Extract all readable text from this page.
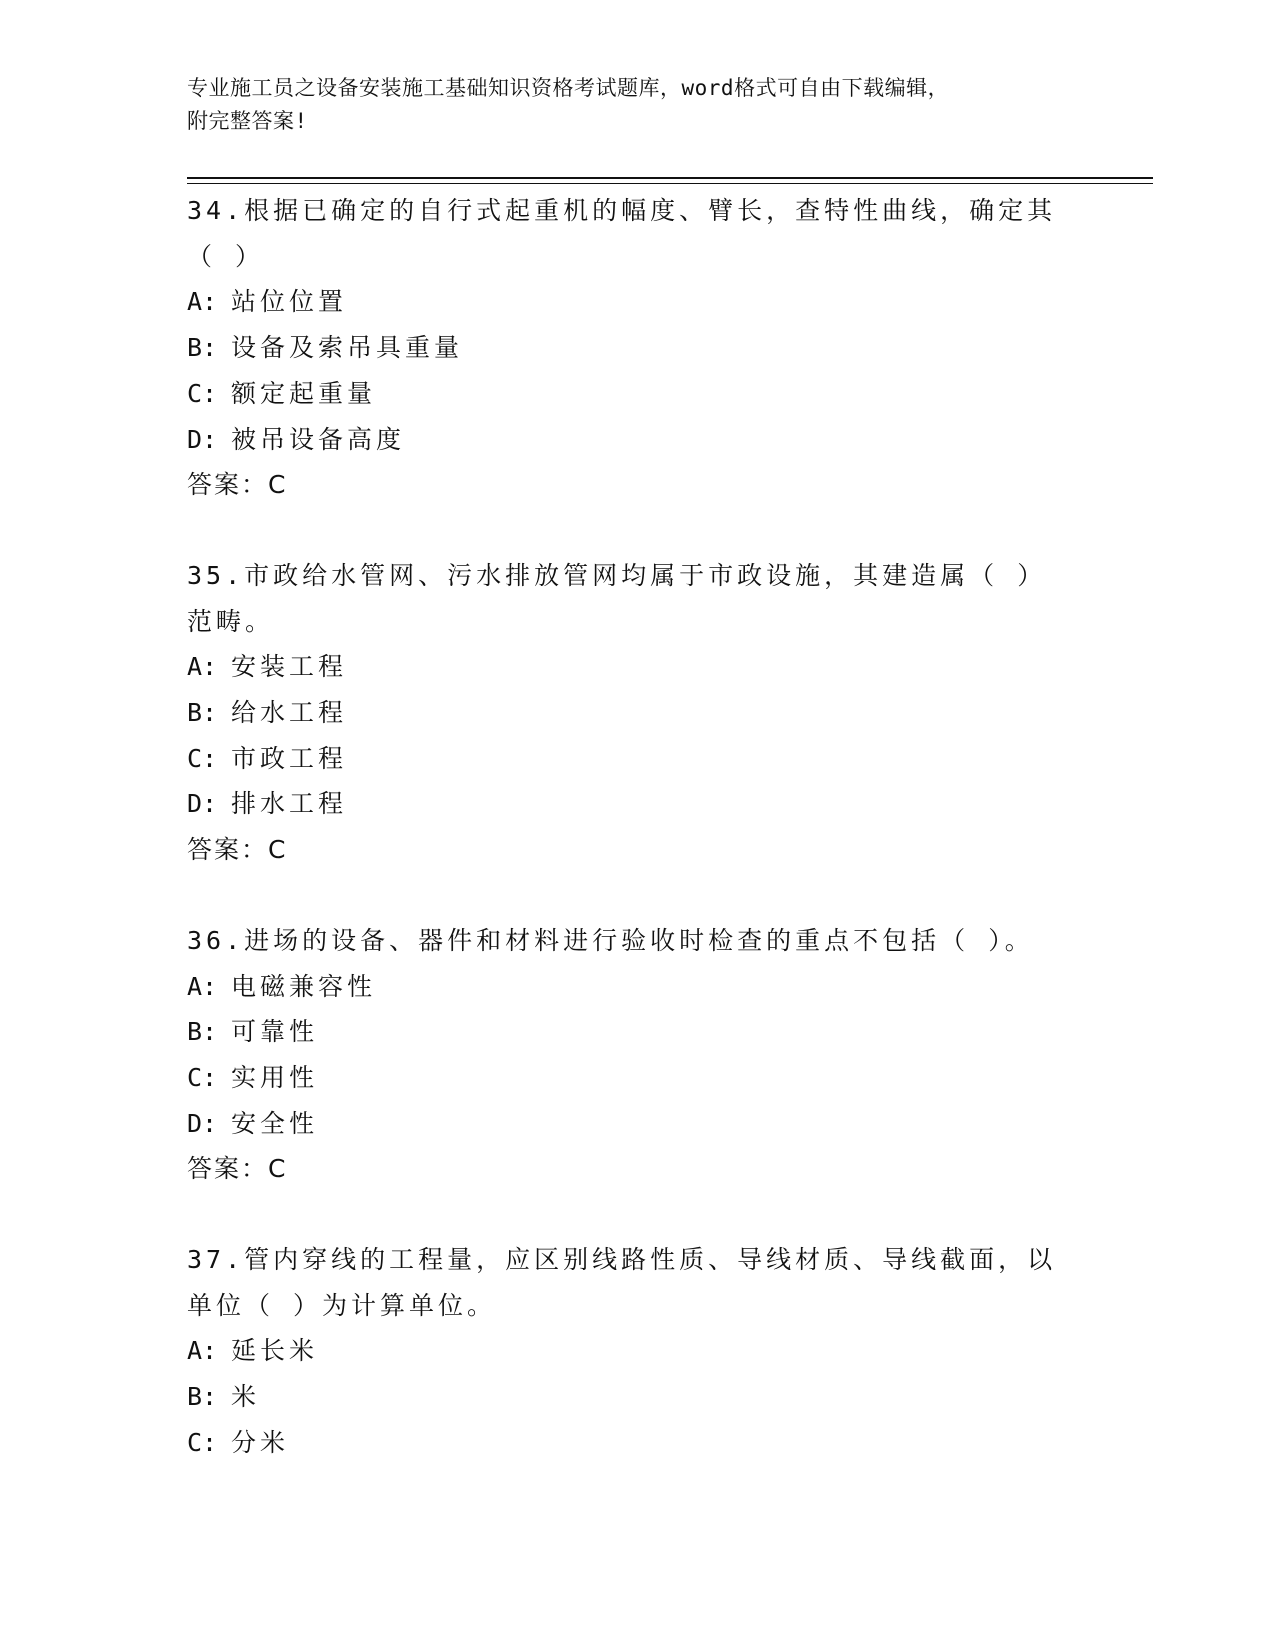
专业施工员之设备安装施工基础知识资格考试题库，word格式可自由下载编辑，
附完整答案!
34.根据已确定的自行式起重机的幅度、臂长，查特性曲线，确定其（ ）
A: 站位位置
B: 设备及索吊具重量
C: 额定起重量
D: 被吊设备高度
答案：C
35.市政给水管网、污水排放管网均属于市政设施，其建造属（ ）范畴。
A: 安装工程
B: 给水工程
C: 市政工程
D: 排水工程
答案：C
36.进场的设备、器件和材料进行验收时检查的重点不包括（ ）。
A: 电磁兼容性
B: 可靠性
C: 实用性
D: 安全性
答案：C
37.管内穿线的工程量，应区别线路性质、导线材质、导线截面，以单位（ ）为计算单位。
A: 延长米
B: 米
C: 分米
